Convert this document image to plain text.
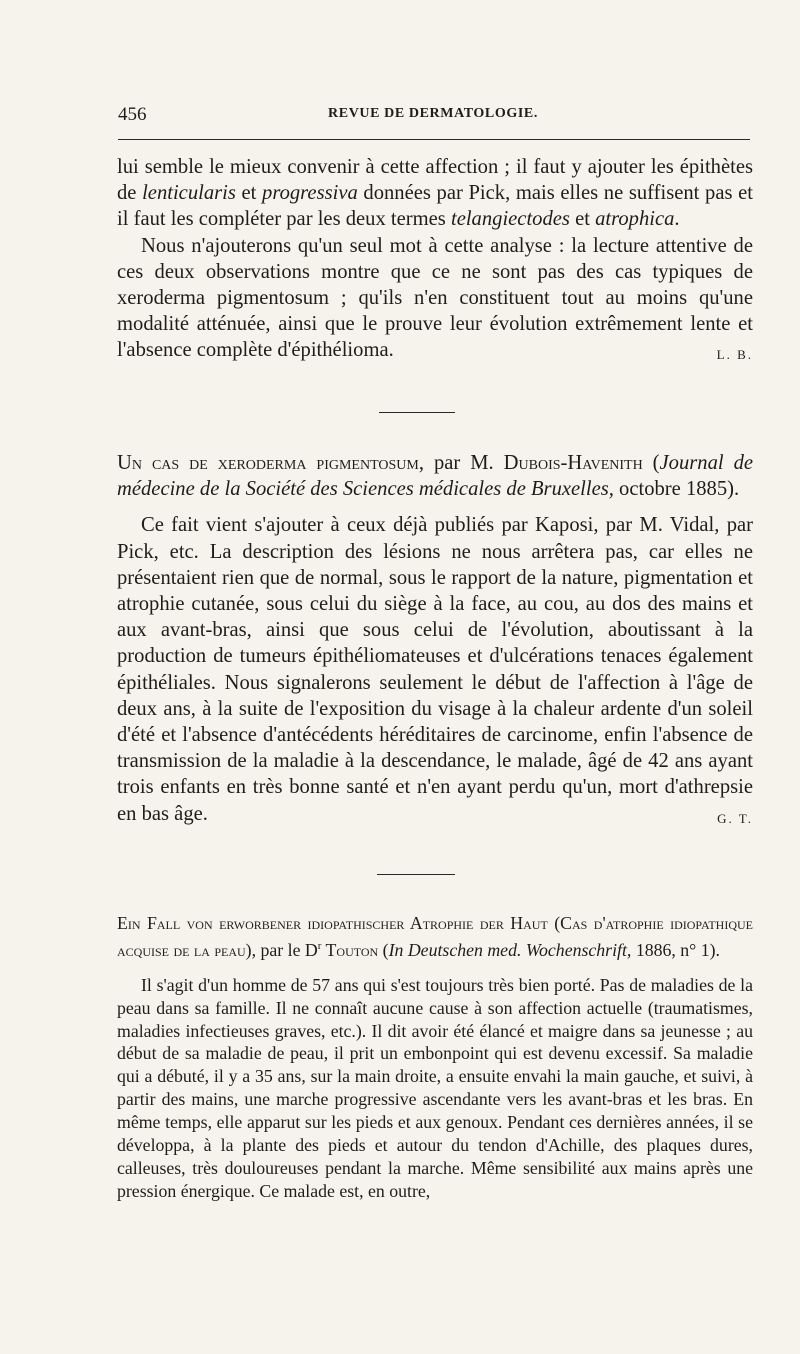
456	REVUE DE DERMATOLOGIE.

lui semble le mieux convenir à cette affection ; il faut y ajouter les épithètes de lenticularis et progressiva données par Pick, mais elles ne suffisent pas et il faut les compléter par les deux termes telangiectodes et atrophica.

Nous n'ajouterons qu'un seul mot à cette analyse : la lecture attentive de ces deux observations montre que ce ne sont pas des cas typiques de xeroderma pigmentosum ; qu'ils n'en constituent tout au moins qu'une modalité atténuée, ainsi que le prouve leur évolution extrêmement lente et l'absence complète d'épithélioma.	L. B.

Un cas de xeroderma pigmentosum, par M. Dubois-Havenith (Journal de médecine de la Société des Sciences médicales de Bruxelles, octobre 1885).

Ce fait vient s'ajouter à ceux déjà publiés par Kaposi, par M. Vidal, par Pick, etc. La description des lésions ne nous arrêtera pas, car elles ne présentaient rien que de normal, sous le rapport de la nature, pigmentation et atrophie cutanée, sous celui du siège à la face, au cou, au dos des mains et aux avant-bras, ainsi que sous celui de l'évolution, aboutissant à la production de tumeurs épithéliomateuses et d'ulcérations tenaces également épithéliales. Nous signalerons seulement le début de l'affection à l'âge de deux ans, à la suite de l'exposition du visage à la chaleur ardente d'un soleil d'été et l'absence d'antécédents héréditaires de carcinome, enfin l'absence de transmission de la maladie à la descendance, le malade, âgé de 42 ans ayant trois enfants en très bonne santé et n'en ayant perdu qu'un, mort d'athrepsie en bas âge.	G. T.

Ein Fall von erworbener idiopathischer Atrophie der Haut (Cas d'atrophie idiopathique acquise de la peau), par le $D^r$ Touton (In Deutschen med. Wochenschrift, 1886, n° 1).

Il s'agit d'un homme de 57 ans qui s'est toujours très bien porté. Pas de maladies de la peau dans sa famille. Il ne connaît aucune cause à son affection actuelle (traumatismes, maladies infectieuses graves, etc.). Il dit avoir été élancé et maigre dans sa jeunesse ; au début de sa maladie de peau, il prit un embonpoint qui est devenu excessif. Sa maladie qui a débuté, il y a 35 ans, sur la main droite, a ensuite envahi la main gauche, et suivi, à partir des mains, une marche progressive ascendante vers les avant-bras et les bras. En même temps, elle apparut sur les pieds et aux genoux. Pendant ces dernières années, il se développa, à la plante des pieds et autour du tendon d'Achille, des plaques dures, calleuses, très douloureuses pendant la marche. Même sensibilité aux mains après une pression énergique. Ce malade est, en outre,
